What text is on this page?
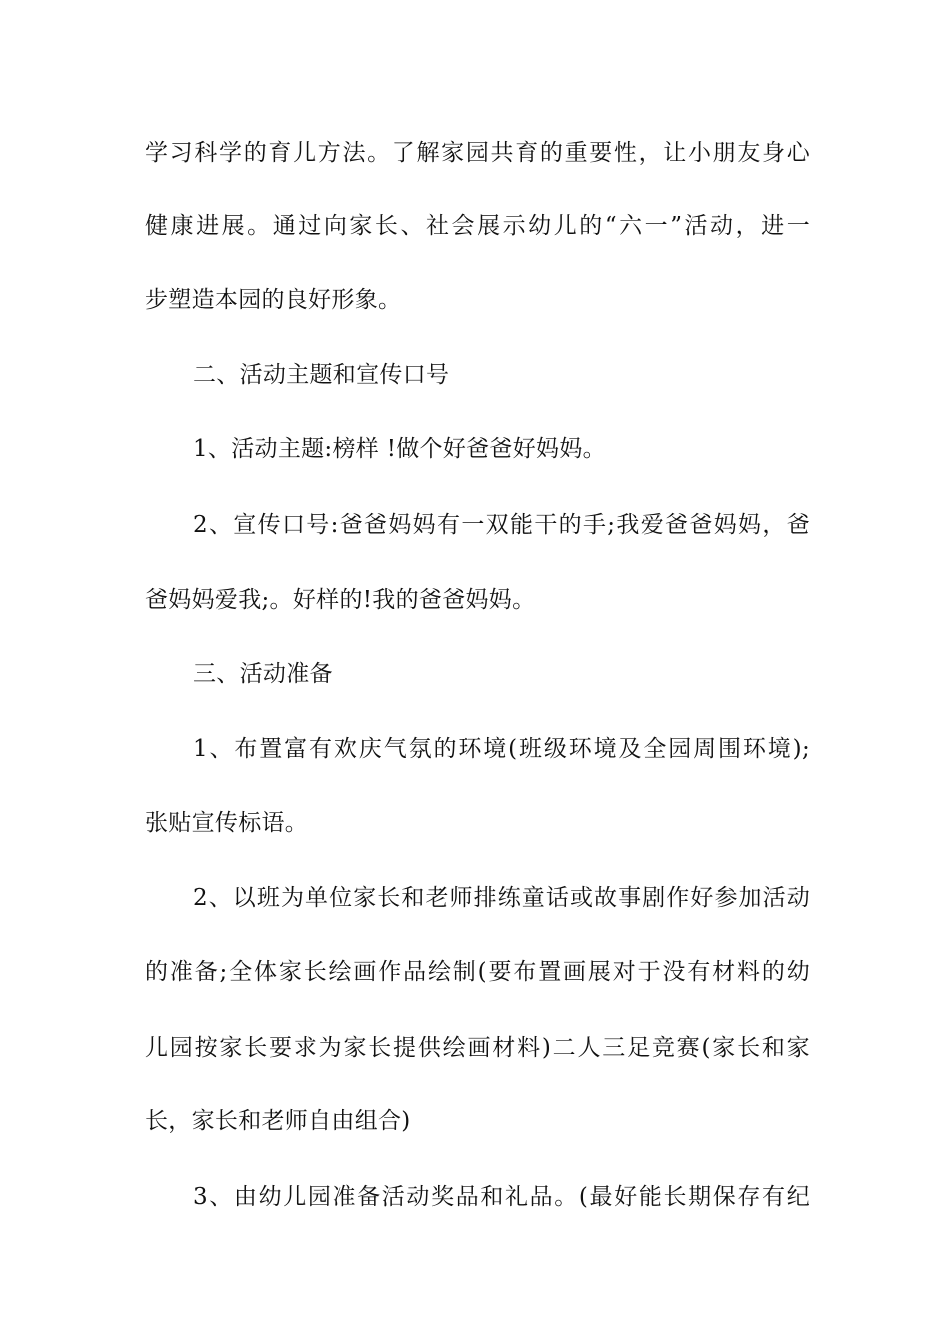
学习科学的育儿方法。了解家园共育的重要性，让小朋友身心
健康进展。通过向家长、社会展示幼儿的“六一”活动，进一
步塑造本园的良好形象。
二、活动主题和宣传口号
1、活动主题:榜样 !做个好爸爸好妈妈。
2、宣传口号:爸爸妈妈有一双能干的手;我爱爸爸妈妈，爸
爸妈妈爱我;。好样的!我的爸爸妈妈。
三、活动准备
1、布置富有欢庆气氛的环境(班级环境及全园周围环境);
张贴宣传标语。
2、以班为单位家长和老师排练童话或故事剧作好参加活动
的准备;全体家长绘画作品绘制(要布置画展对于没有材料的幼
儿园按家长要求为家长提供绘画材料)二人三足竞赛(家长和家
长，家长和老师自由组合)
3、由幼儿园准备活动奖品和礼品。(最好能长期保存有纪
